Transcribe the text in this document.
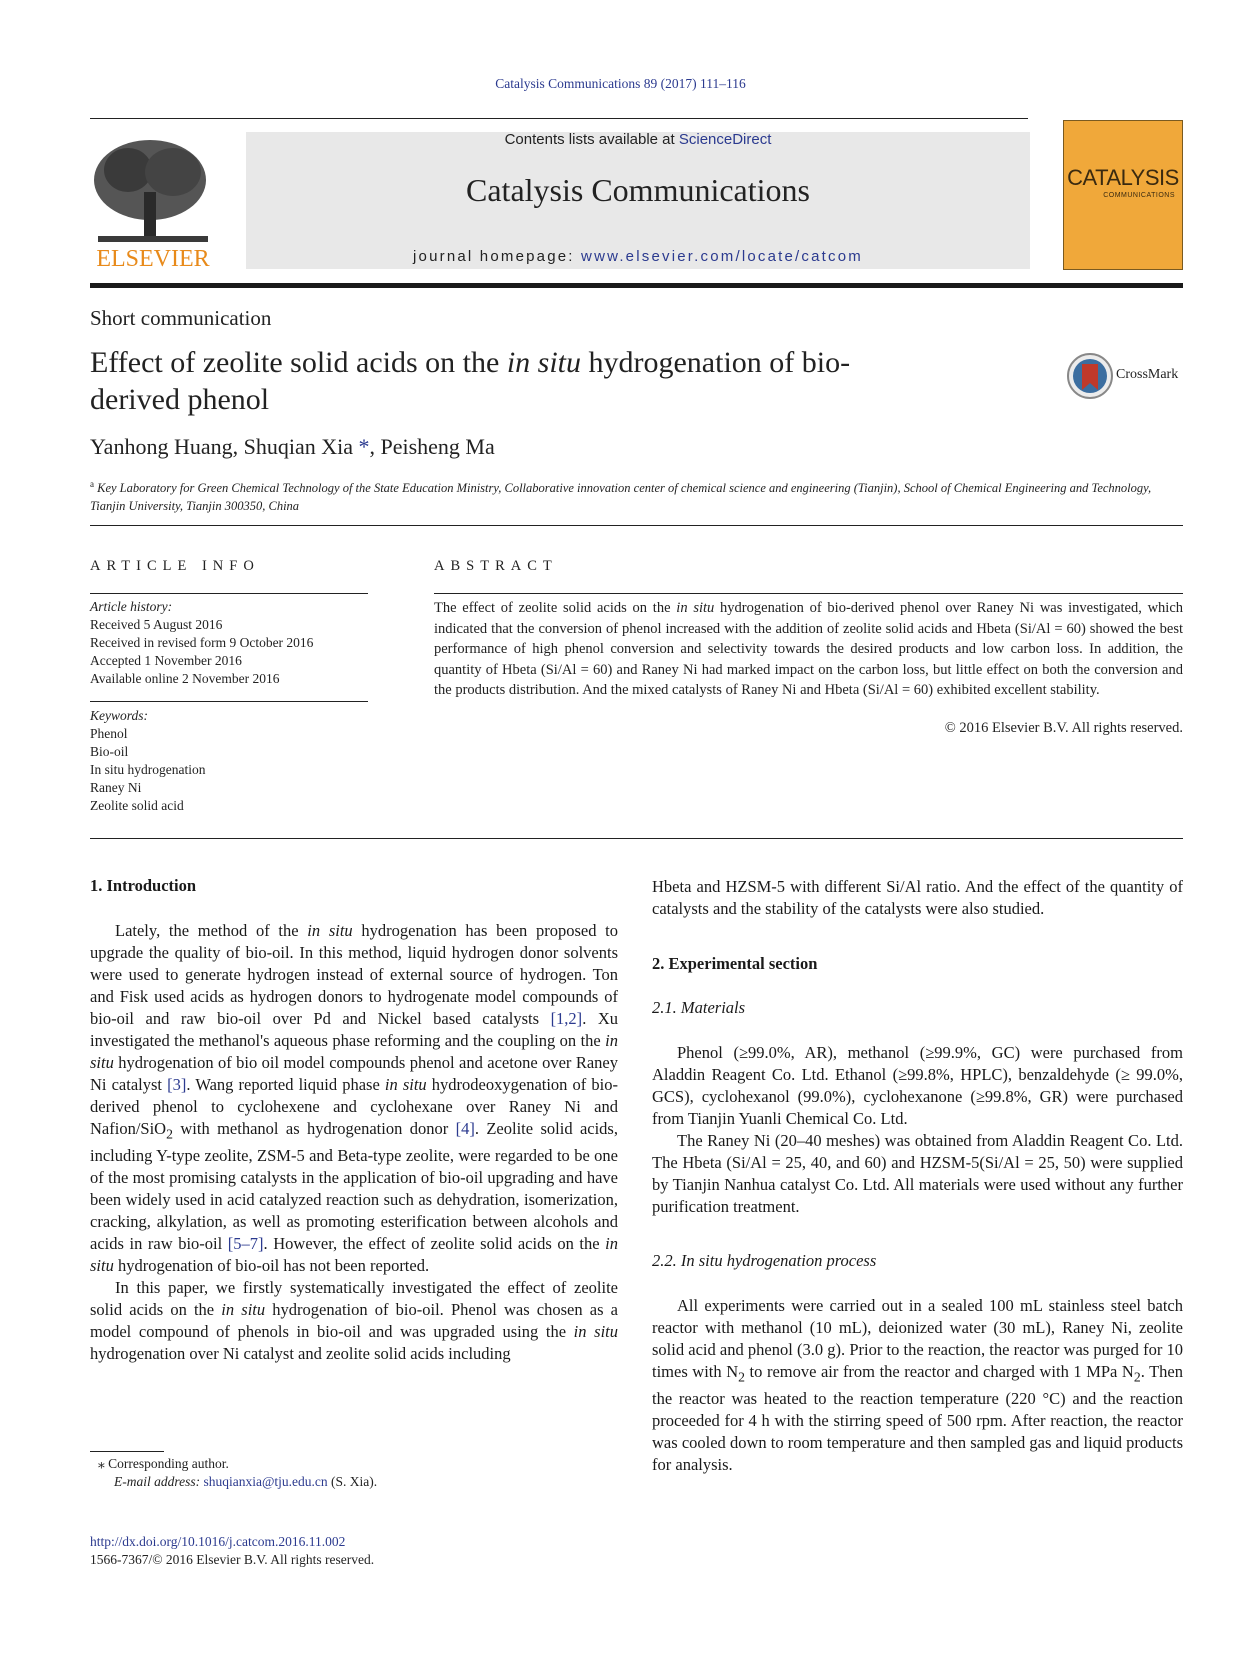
Catalysis Communications 89 (2017) 111–116
ELSEVIER
Contents lists available at ScienceDirect
Catalysis Communications
journal homepage: www.elsevier.com/locate/catcom
CATALYSIS
COMMUNICATIONS
Short communication
Effect of zeolite solid acids on the in situ hydrogenation of bio-derived phenol
CrossMark
Yanhong Huang, Shuqian Xia *, Peisheng Ma
$^a$ Key Laboratory for Green Chemical Technology of the State Education Ministry, Collaborative innovation center of chemical science and engineering (Tianjin), School of Chemical Engineering and Technology, Tianjin University, Tianjin 300350, China
ARTICLE INFO	ABSTRACT
Article history:
Received 5 August 2016
Received in revised form 9 October 2016
Accepted 1 November 2016
Available online 2 November 2016
Keywords:
Phenol
Bio-oil
In situ hydrogenation
Raney Ni
Zeolite solid acid
The effect of zeolite solid acids on the in situ hydrogenation of bio-derived phenol over Raney Ni was investigated, which indicated that the conversion of phenol increased with the addition of zeolite solid acids and Hbeta (Si/Al = 60) showed the best performance of high phenol conversion and selectivity towards the desired products and low carbon loss. In addition, the quantity of Hbeta (Si/Al = 60) and Raney Ni had marked impact on the carbon loss, but little effect on both the conversion and the products distribution. And the mixed catalysts of Raney Ni and Hbeta (Si/Al = 60) exhibited excellent stability.
© 2016 Elsevier B.V. All rights reserved.
1. Introduction

Lately, the method of the in situ hydrogenation has been proposed to upgrade the quality of bio-oil. In this method, liquid hydrogen donor solvents were used to generate hydrogen instead of external source of hydrogen. Ton and Fisk used acids as hydrogen donors to hydrogenate model compounds of bio-oil and raw bio-oil over Pd and Nickel based catalysts [1,2]. Xu investigated the methanol's aqueous phase reforming and the coupling on the in situ hydrogenation of bio oil model compounds phenol and acetone over Raney Ni catalyst [3]. Wang reported liquid phase in situ hydrodeoxygenation of bio-derived phenol to cyclohexene and cyclohexane over Raney Ni and Nafion/SiO$_2$ with methanol as hydrogenation donor [4]. Zeolite solid acids, including Y-type zeolite, ZSM-5 and Beta-type zeolite, were regarded to be one of the most promising catalysts in the application of bio-oil upgrading and have been widely used in acid catalyzed reaction such as dehydration, isomerization, cracking, alkylation, as well as promoting esterification between alcohols and acids in raw bio-oil [5–7]. However, the effect of zeolite solid acids on the in situ hydrogenation of bio-oil has not been reported.

In this paper, we firstly systematically investigated the effect of zeolite solid acids on the in situ hydrogenation of bio-oil. Phenol was chosen as a model compound of phenols in bio-oil and was upgraded using the in situ hydrogenation over Ni catalyst and zeolite solid acids including

Hbeta and HZSM-5 with different Si/Al ratio. And the effect of the quantity of catalysts and the stability of the catalysts were also studied.
2. Experimental section
2.1. Materials

Phenol (≥99.0%, AR), methanol (≥99.9%, GC) were purchased from Aladdin Reagent Co. Ltd. Ethanol (≥99.8%, HPLC), benzaldehyde (≥ 99.0%, GCS), cyclohexanol (99.0%), cyclohexanone (≥99.8%, GR) were purchased from Tianjin Yuanli Chemical Co. Ltd.

The Raney Ni (20–40 meshes) was obtained from Aladdin Reagent Co. Ltd. The Hbeta (Si/Al = 25, 40, and 60) and HZSM-5(Si/Al = 25, 50) were supplied by Tianjin Nanhua catalyst Co. Ltd. All materials were used without any further purification treatment.

2.2. In situ hydrogenation process

All experiments were carried out in a sealed 100 mL stainless steel batch reactor with methanol (10 mL), deionized water (30 mL), Raney Ni, zeolite solid acid and phenol (3.0 g). Prior to the reaction, the reactor was purged for 10 times with $N_2$ to remove air from the reactor and charged with 1 MPa $N_2$. Then the reactor was heated to the reaction temperature (220 °C) and the reaction proceeded for 4 h with the stirring speed of 500 rpm. After reaction, the reactor was cooled down to room temperature and then sampled gas and liquid products for analysis.

⁎ Corresponding author.
E-mail address: shuqianxia@tju.edu.cn (S. Xia).
http://dx.doi.org/10.1016/j.catcom.2016.11.002
1566-7367/© 2016 Elsevier B.V. All rights reserved.
